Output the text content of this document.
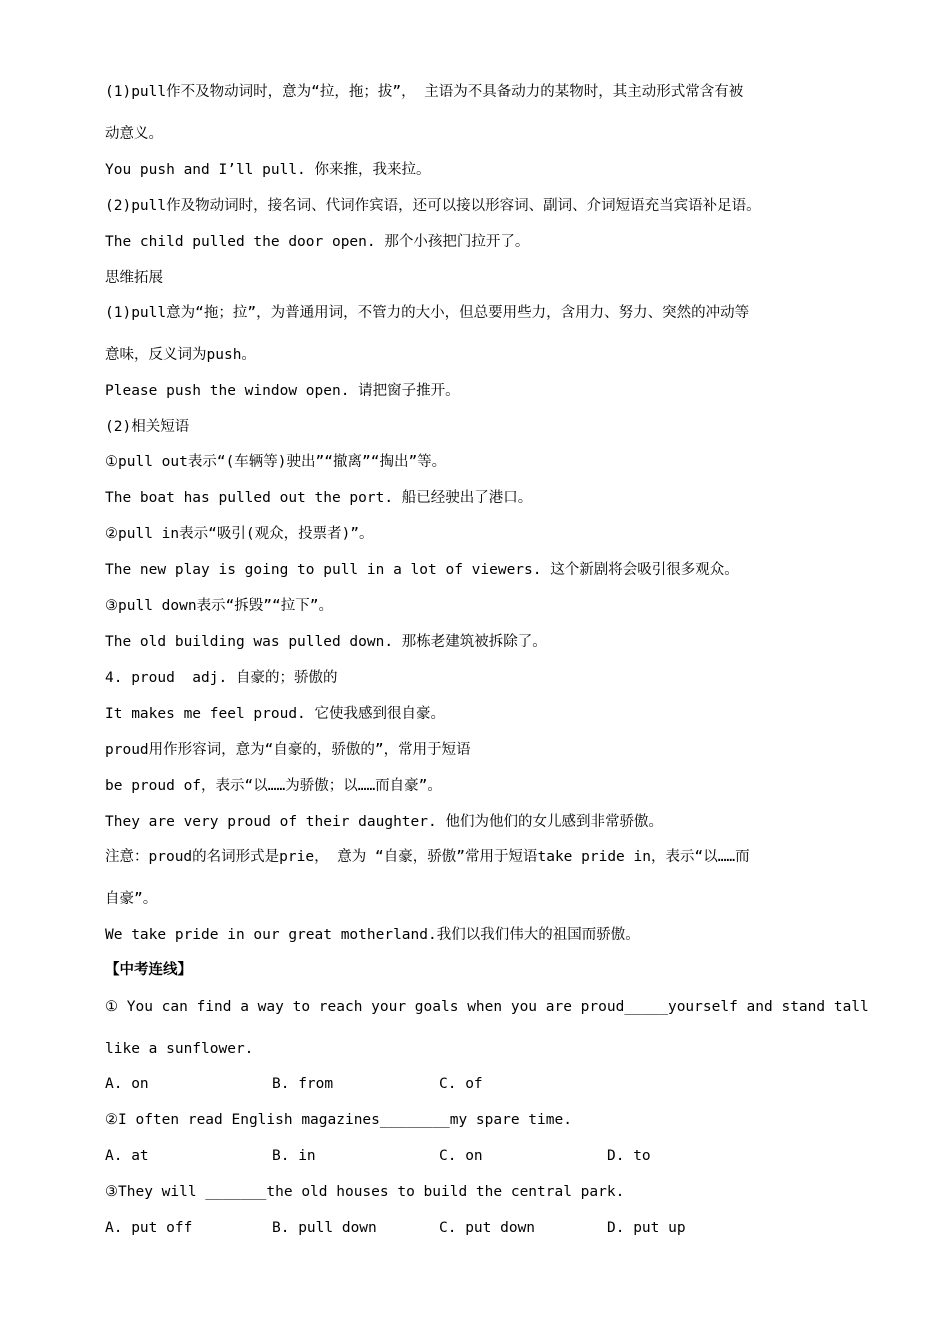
(1)pull作不及物动词时，意为“拉，拖；拔”， 主语为不具备动力的某物时，其主动形式常含有被
动意义。
You push and I’ll pull. 你来推，我来拉。
(2)pull作及物动词时，接名词、代词作宾语，还可以接以形容词、副词、介词短语充当宾语补足语。
The child pulled the door open. 那个小孩把门拉开了。
思维拓展
(1)pull意为“拖；拉”，为普通用词，不管力的大小，但总要用些力，含用力、努力、突然的冲动等
意味，反义词为push。
Please push the window open. 请把窗子推开。
(2)相关短语
①pull out表示“(车辆等)驶出”“撤离”“掏出”等。
The boat has pulled out the port. 船已经驶出了港口。
②pull in表示“吸引(观众，投票者)”。
The new play is going to pull in a lot of viewers. 这个新剧将会吸引很多观众。
③pull down表示“拆毁”“拉下”。
The old building was pulled down. 那栋老建筑被拆除了。
4. proud  adj. 自豪的；骄傲的
It makes me feel proud. 它使我感到很自豪。
proud用作形容词，意为“自豪的，骄傲的”，常用于短语
be proud of，表示“以……为骄傲；以……而自豪”。
They are very proud of their daughter. 他们为他们的女儿感到非常骄傲。
注意：proud的名词形式是prie， 意为 “自豪，骄傲”常用于短语take pride in，表示“以……而
自豪”。
We take pride in our great motherland.我们以我们伟大的祖国而骄傲。
【中考连线】
① You can find a way to reach your goals when you are proud_____yourself and stand tall
like a sunflower.
A. on	B. from	C. of
②I often read English magazines________my spare time.
A. at	B. in	C. on	D. to
③They will _______the old houses to build the central park.
A. put off	B. pull down	C. put down	D. put up
